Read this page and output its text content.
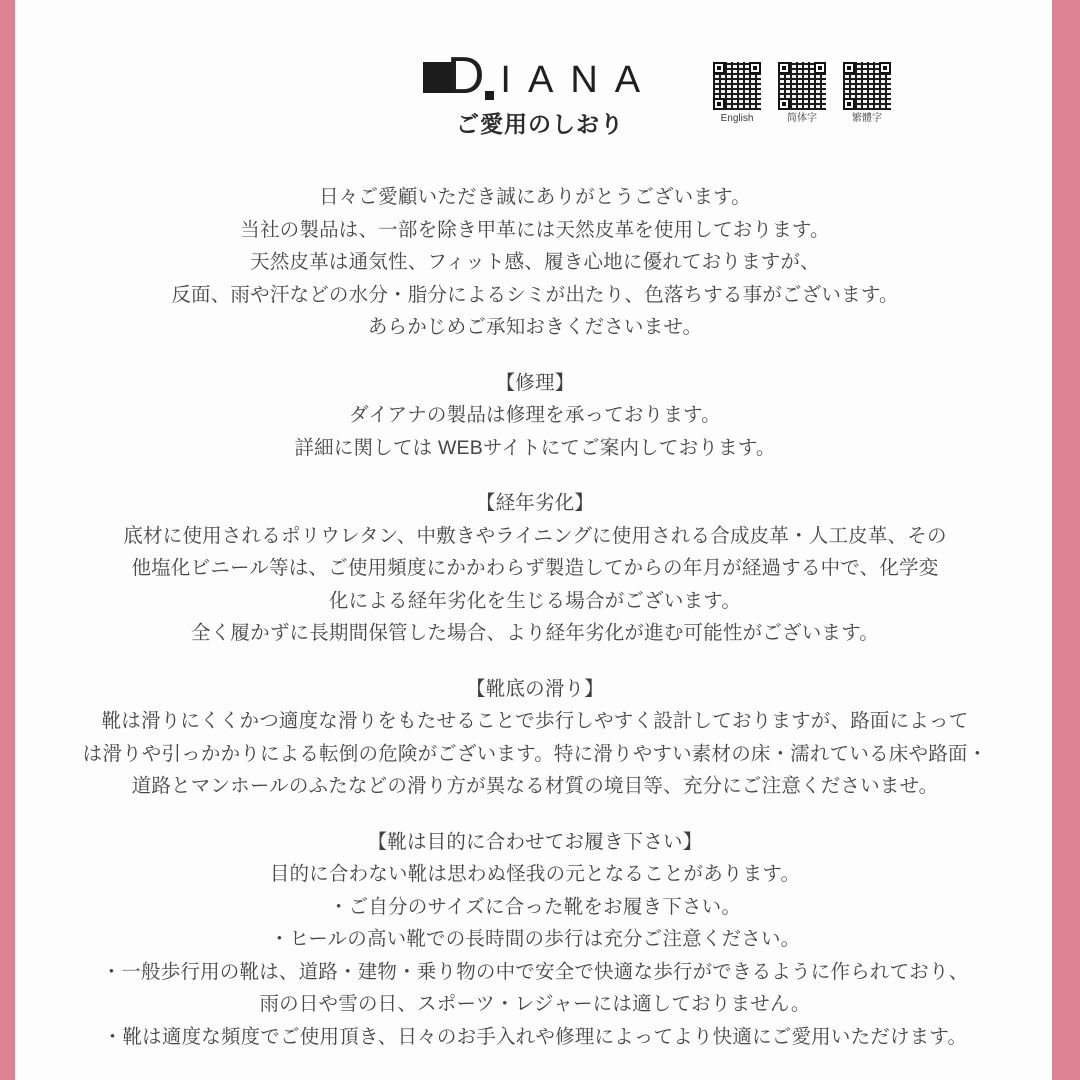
D IANA
ご愛用のしおり	English	简体字	繁體字

日々ご愛顧いただき誠にありがとうございます。

当社の製品は、一部を除き甲革には天然皮革を使用しております。

天然皮革は通気性、フィット感、履き心地に優れておりますが、

反面、雨や汗などの水分・脂分によるシミが出たり、色落ちする事がございます。

あらかじめご承知おきくださいませ。

【修理】

ダイアナの製品は修理を承っております。

詳細に関しては WEBサイトにてご案内しております。

【経年劣化】

底材に使用されるポリウレタン、中敷きやライニングに使用される合成皮革・人工皮革、その

他塩化ビニール等は、ご使用頻度にかかわらず製造してからの年月が経過する中で、化学変

化による経年劣化を生じる場合がございます。

全く履かずに長期間保管した場合、より経年劣化が進む可能性がございます。

【靴底の滑り】

靴は滑りにくくかつ適度な滑りをもたせることで歩行しやすく設計しておりますが、路面によって

は滑りや引っかかりによる転倒の危険がございます。特に滑りやすい素材の床・濡れている床や路面・

道路とマンホールのふたなどの滑り方が異なる材質の境目等、充分にご注意くださいませ。

【靴は目的に合わせてお履き下さい】

目的に合わない靴は思わぬ怪我の元となることがあります。

・ご自分のサイズに合った靴をお履き下さい。

・ヒールの高い靴での長時間の歩行は充分ご注意ください。

・一般歩行用の靴は、道路・建物・乗り物の中で安全で快適な歩行ができるように作られており、

雨の日や雪の日、スポーツ・レジャーには適しておりません。

・靴は適度な頻度でご使用頂き、日々のお手入れや修理によってより快適にご愛用いただけます。
